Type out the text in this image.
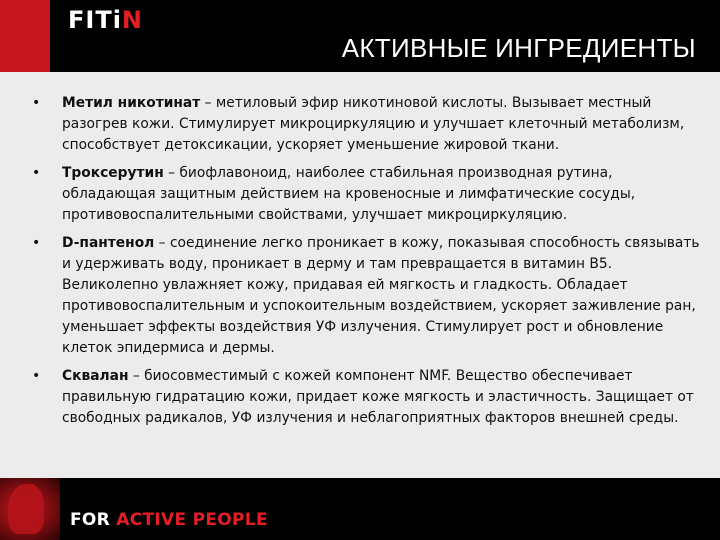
FITiN
АКТИВНЫЕ ИНГРЕДИЕНТЫ
• Метил никотинат – метиловый эфир никотиновой кислоты. Вызывает местный разогрев кожи. Стимулирует микроциркуляцию и улучшает клеточный метаболизм, способствует детоксикации, ускоряет уменьшение жировой ткани.
• Троксерутин – биофлавоноид, наиболее стабильная производная рутина, обладающая защитным действием на кровеносные и лимфатические сосуды, противовоспалительными свойствами, улучшает микроциркуляцию.
• D-пантенол – соединение легко проникает в кожу, показывая способность связывать и удерживать воду, проникает в дерму и там превращается в витамин В5. Великолепно увлажняет кожу, придавая ей мягкость и гладкость. Обладает противовоспалительным и успокоительным воздействием, ускоряет заживление ран, уменьшает эффекты воздействия УФ излучения. Стимулирует рост и обновление клеток эпидермиса и дермы.
• Сквалан – биосовместимый с кожей компонент NMF. Вещество обеспечивает правильную гидратацию кожи, придает коже мягкость и эластичность. Защищает от свободных радикалов, УФ излучения и неблагоприятных факторов внешней среды.
FOR ACTIVE PEOPLE
